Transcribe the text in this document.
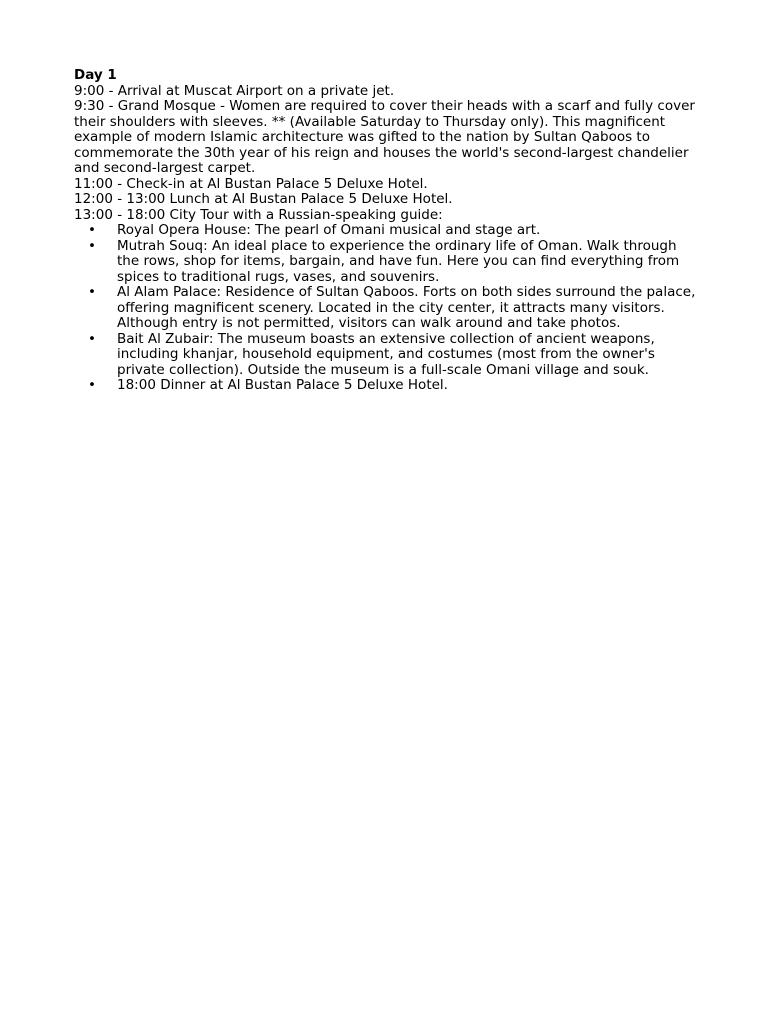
Day 1

9:00 - Arrival at Muscat Airport on a private jet.

9:30 - Grand Mosque - Women are required to cover their heads with a scarf and fully cover their shoulders with sleeves. ** (Available Saturday to Thursday only). This magnificent example of modern Islamic architecture was gifted to the nation by Sultan Qaboos to commemorate the 30th year of his reign and houses the world's second-largest chandelier and second-largest carpet.

11:00 - Check-in at Al Bustan Palace 5 Deluxe Hotel.

12:00 - 13:00 Lunch at Al Bustan Palace 5 Deluxe Hotel.

13:00 - 18:00 City Tour with a Russian-speaking guide:

• Royal Opera House: The pearl of Omani musical and stage art.
• Mutrah Souq: An ideal place to experience the ordinary life of Oman. Walk through the rows, shop for items, bargain, and have fun. Here you can find everything from spices to traditional rugs, vases, and souvenirs.
• Al Alam Palace: Residence of Sultan Qaboos. Forts on both sides surround the palace, offering magnificent scenery. Located in the city center, it attracts many visitors. Although entry is not permitted, visitors can walk around and take photos.
• Bait Al Zubair: The museum boasts an extensive collection of ancient weapons, including khanjar, household equipment, and costumes (most from the owner's private collection). Outside the museum is a full-scale Omani village and souk.
• 18:00 Dinner at Al Bustan Palace 5 Deluxe Hotel.
